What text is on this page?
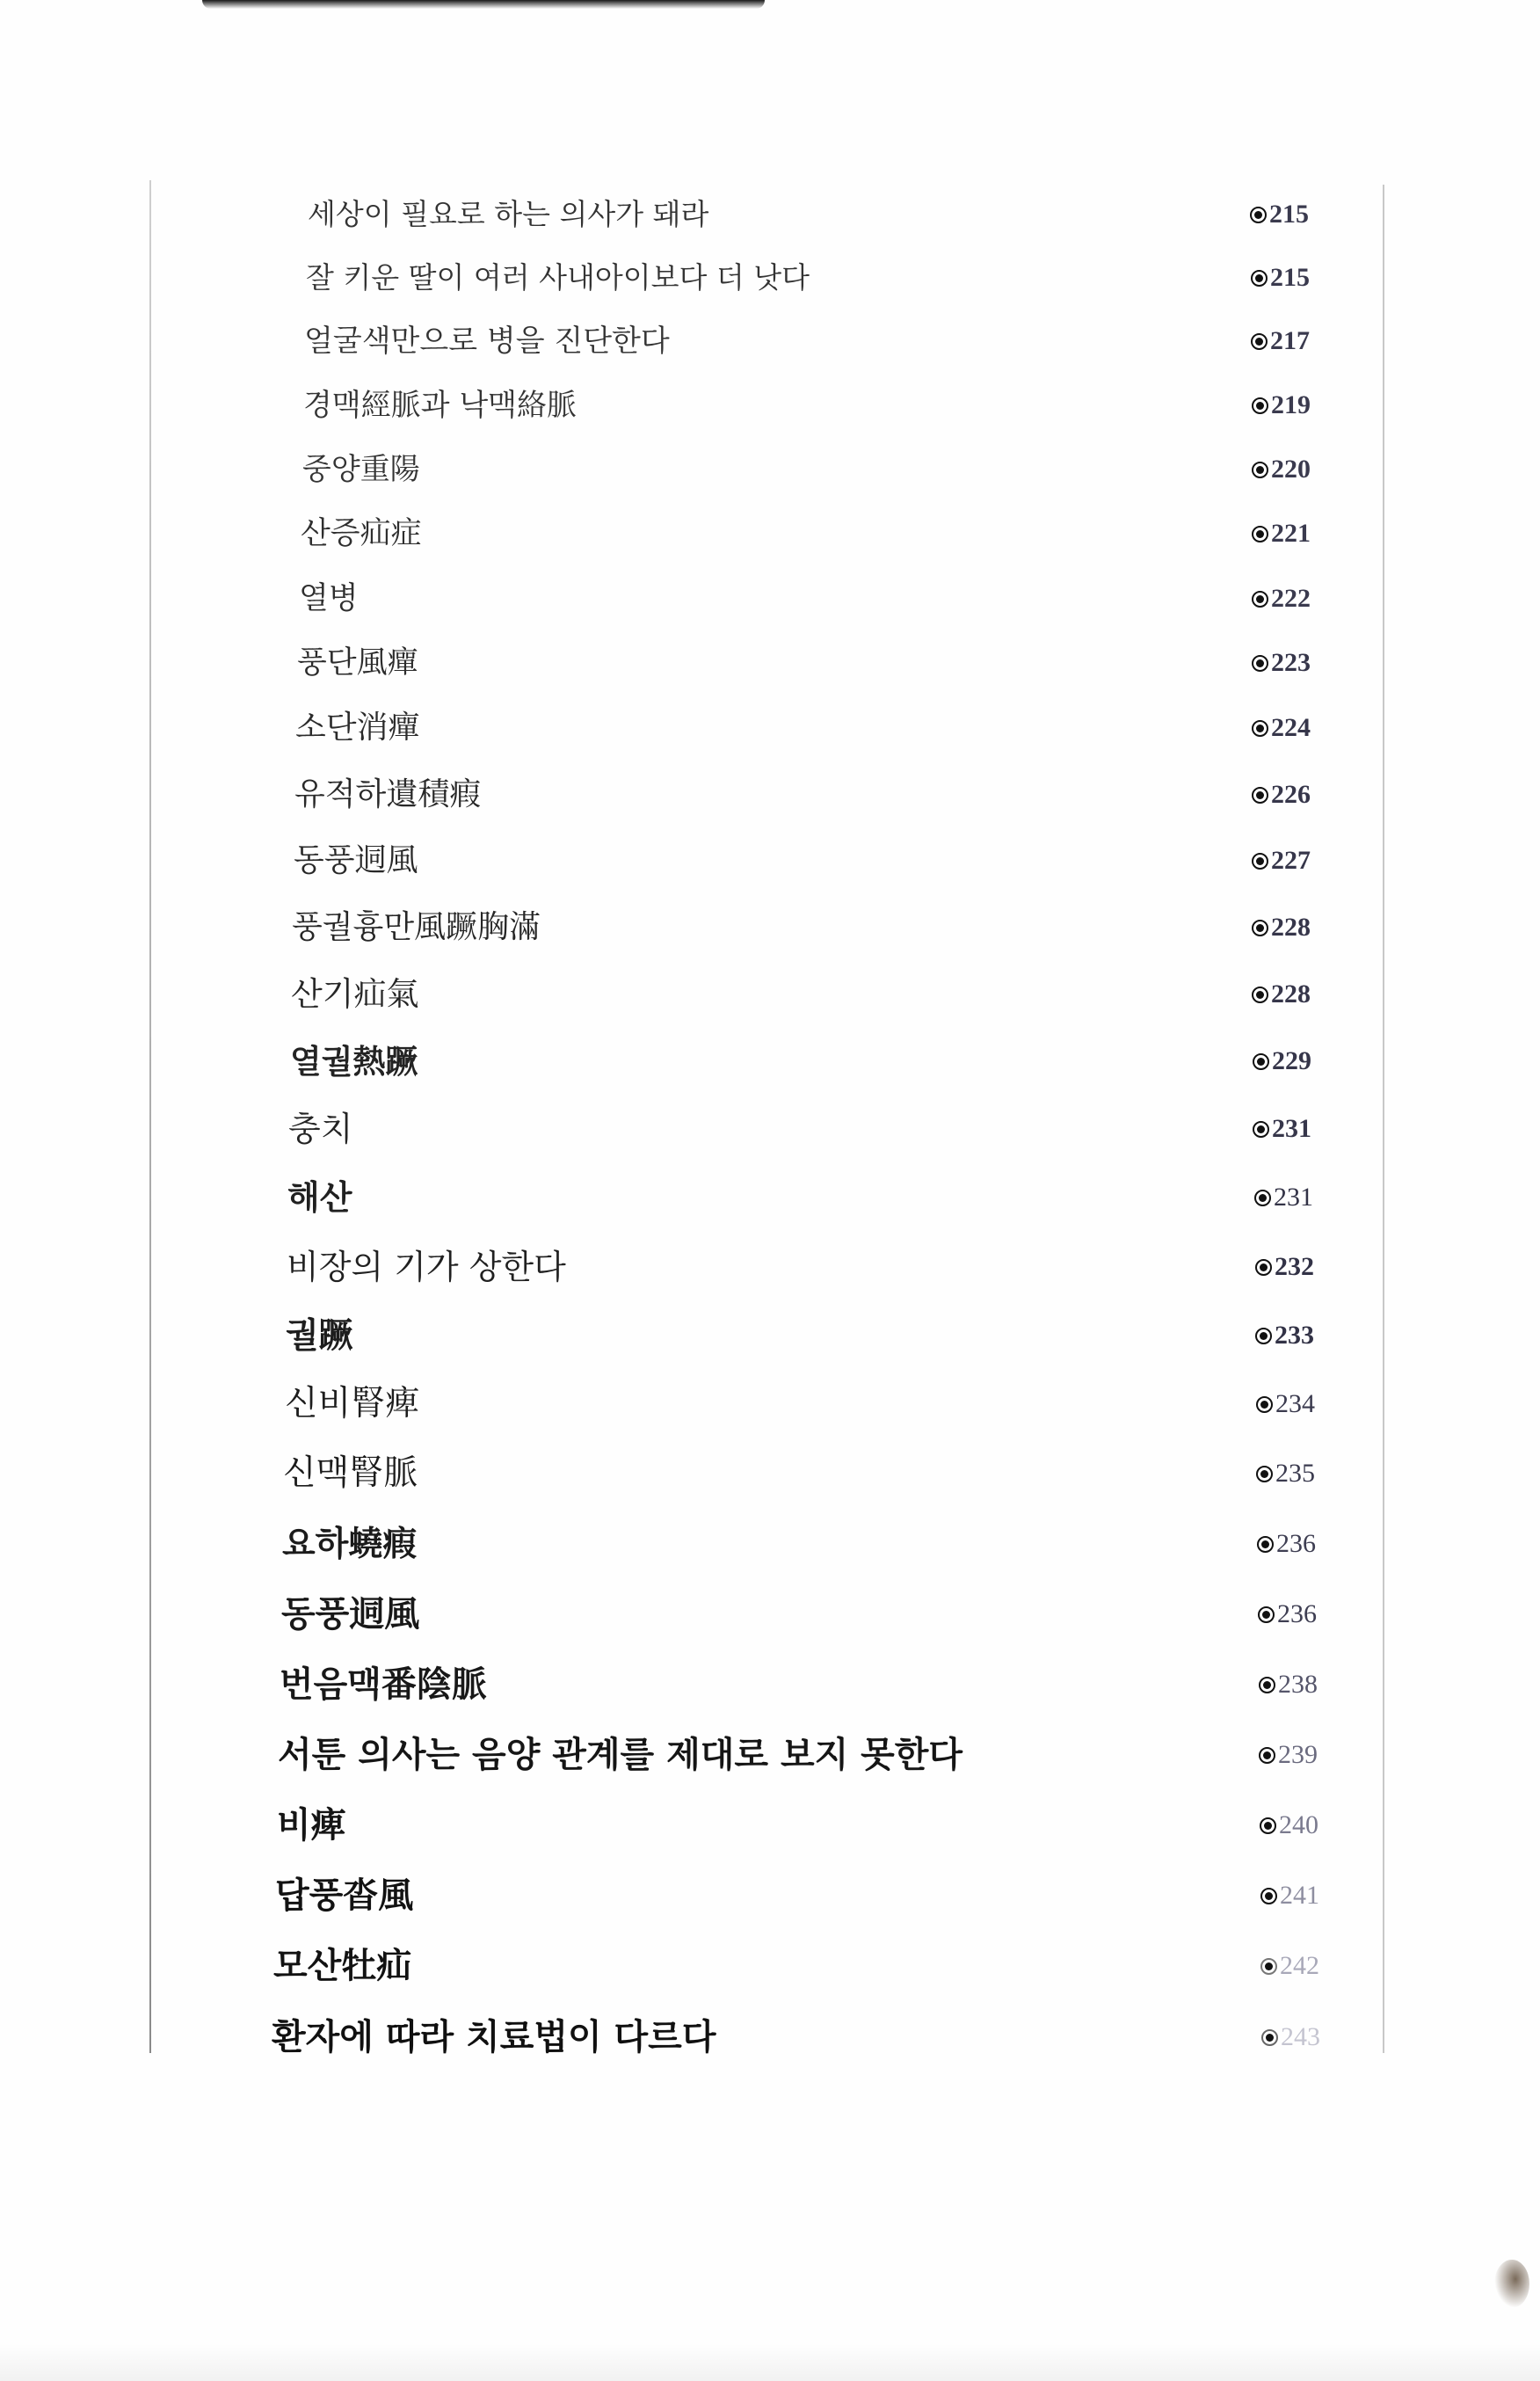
세상이 필요로 하는 의사가 돼라	215
잘 키운 딸이 여러 사내아이보다 더 낫다	215
얼굴색만으로 병을 진단한다	217
경맥經脈과 낙맥絡脈	219
중양重陽	220
산증疝症	221
열병	222
풍단風癉	223
소단消癉	224
유적하遺積瘕	226
동풍迵風	227
풍궐흉만風蹶胸滿	228
산기疝氣	228
열궐熱蹶	229
충치	231
해산	231
비장의 기가 상한다	232
궐蹶	233
신비腎痺	234
신맥腎脈	235
요하蟯瘕	236
동풍迵風	236
번음맥番陰脈	238
서툰 의사는 음양 관계를 제대로 보지 못한다	239
비痺	240
답풍沓風	241
모산牡疝	242
환자에 따라 치료법이 다르다	243
